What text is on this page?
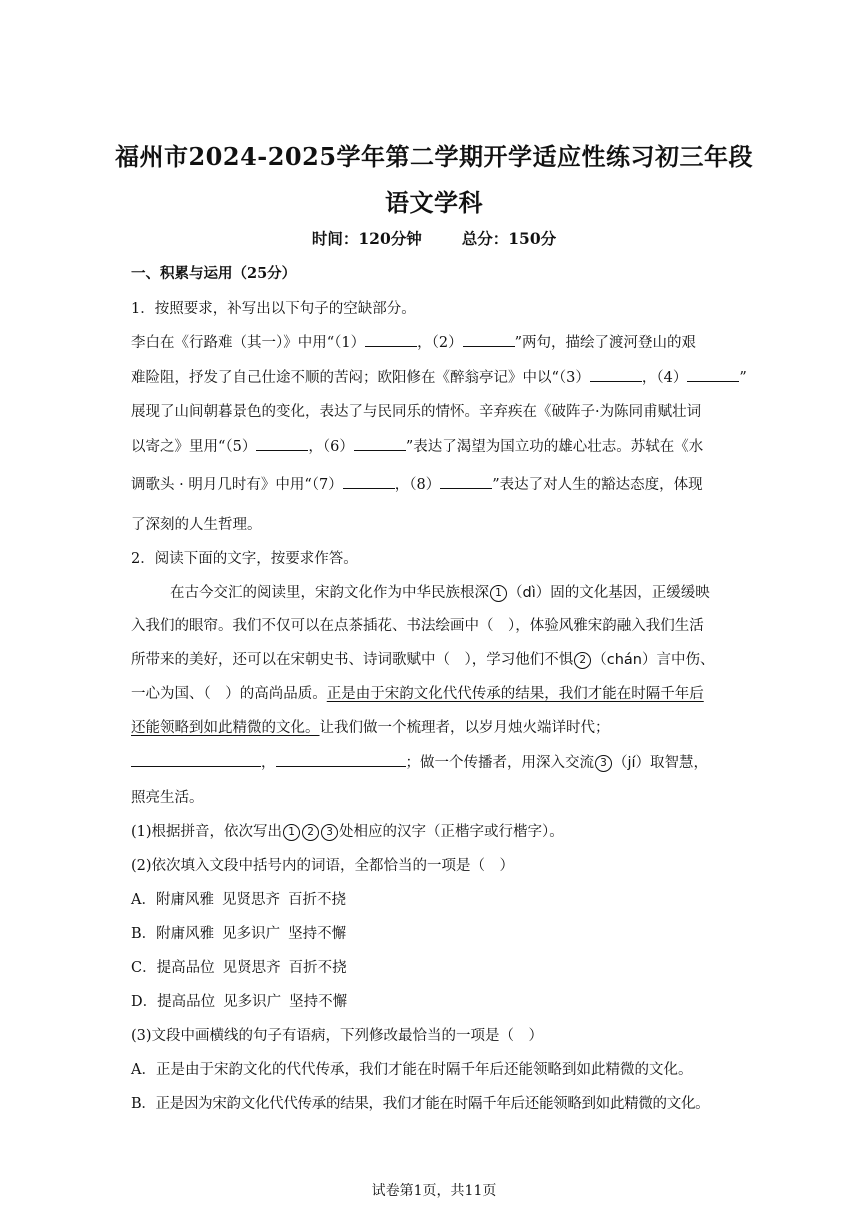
福州市2024-2025学年第二学期开学适应性练习初三年段
语文学科
时间：120分钟	总分：150分
一、积累与运用（25分）
1．按照要求，补写出以下句子的空缺部分。
李白在《行路难（其一）》中用“（1）	，（2）	”两句，描绘了渡河登山的艰
难险阻，抒发了自己仕途不顺的苦闷；欧阳修在《醉翁亭记》中以“（3）	，（4）	”
展现了山间朝暮景色的变化，表达了与民同乐的情怀。辛弃疾在《破阵子·为陈同甫赋壮词
以寄之》里用“（5）	，（6）	”表达了渴望为国立功的雄心壮志。苏轼在《水
调歌头 · 明月几时有》中用“（7）	，（8）	”表达了对人生的豁达态度，体现
了深刻的人生哲理。
2．阅读下面的文字，按要求作答。
在古今交汇的阅读里，宋韵文化作为中华民族根深 1 （dì）固的文化基因，正缓缓映
入我们的眼帘。我们不仅可以在点茶插花、书法绘画中（　），体验风雅宋韵融入我们生活
所带来的美好，还可以在宋朝史书、诗词歌赋中（　），学习他们不惧 2 （chán）言中伤、
一心为国、（　）的高尚品质。正是由于宋韵文化代代传承的结果，我们才能在时隔千年后
还能领略到如此精微的文化。让我们做一个梳理者，以岁月烛火端详时代；
，	；做一个传播者，用深入交流 3 （jí）取智慧，
照亮生活。
(1)根据拼音，依次写出 1 2 3 处相应的汉字（正楷字或行楷字）。
(2)依次填入文段中括号内的词语，全都恰当的一项是（　）
A．附庸风雅 见贤思齐 百折不挠
B．附庸风雅 见多识广 坚持不懈
C．提高品位 见贤思齐 百折不挠
D．提高品位 见多识广 坚持不懈
(3)文段中画横线的句子有语病，下列修改最恰当的一项是（　）
A．正是由于宋韵文化的代代传承，我们才能在时隔千年后还能领略到如此精微的文化。
B．正是因为宋韵文化代代传承的结果，我们才能在时隔千年后还能领略到如此精微的文化。
试卷第1页，共11页
